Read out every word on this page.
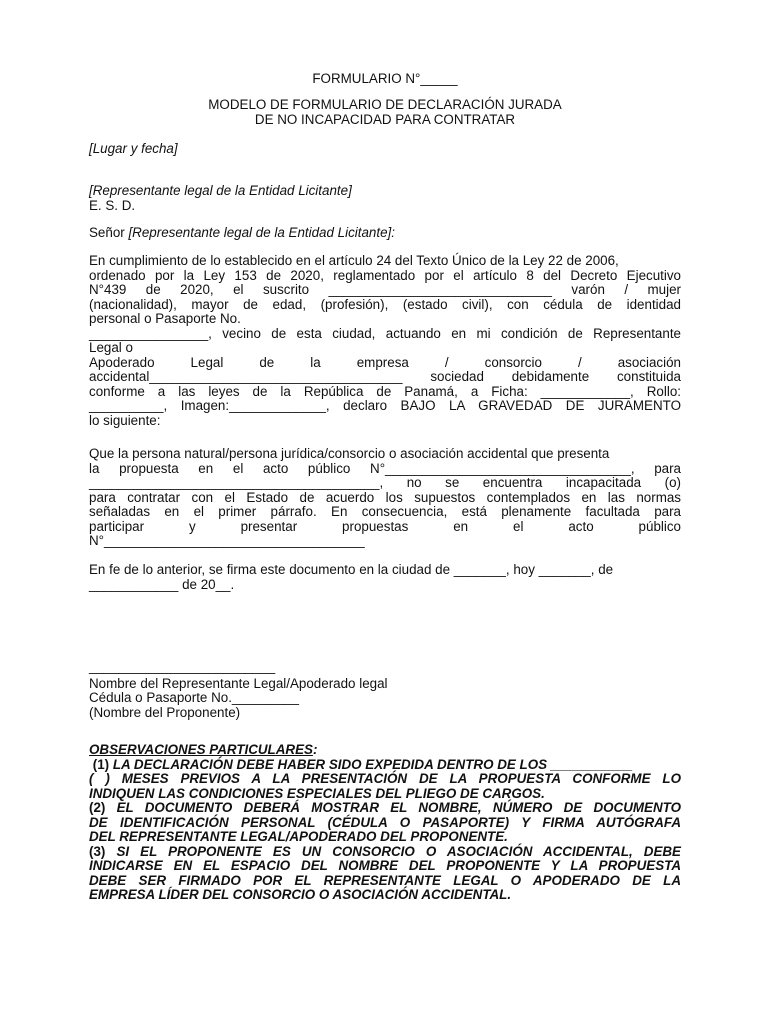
FORMULARIO N°_____
MODELO DE FORMULARIO DE DECLARACIÓN JURADA
DE NO INCAPACIDAD PARA CONTRATAR
[Lugar y fecha]
[Representante legal de la Entidad Licitante]
E. S. D.
Señor [Representante legal de la Entidad Licitante]:
En cumplimiento de lo establecido en el artículo 24 del Texto Único de la Ley 22 de 2006,
ordenado por la Ley 153 de 2020, reglamentado por el artículo 8 del Decreto Ejecutivo
N°439 de 2020, el suscrito ______________________________ varón / mujer
(nacionalidad), mayor de edad, (profesión), (estado civil), con cédula de identidad
personal o Pasaporte No.
________________, vecino de esta ciudad, actuando en mi condición de Representante
Legal o
Apoderado Legal de la empresa / consorcio / asociación
accidental__________________________________ sociedad debidamente constituida
conforme a las leyes de la República de Panamá, a Ficha: ____________, Rollo:
__________, Imagen:_____________, declaro BAJO LA GRAVEDAD DE JURAMENTO
lo siguiente:
Que la persona natural/persona jurídica/consorcio o asociación accidental que presenta
la propuesta en el acto público N°_________________________________, para
_______________________________________, no se encuentra incapacitada (o)
para contratar con el Estado de acuerdo los supuestos contemplados en las normas
señaladas en el primer párrafo. En consecuencia, está plenamente facultada para
participar y presentar propuestas en el acto público
N°___________________________________
En fe de lo anterior, se firma este documento en la ciudad de _______, hoy _______, de
____________ de 20__.
_________________________
Nombre del Representante Legal/Apoderado legal
Cédula o Pasaporte No._________
(Nombre del Proponente)
OBSERVACIONES PARTICULARES:
(1) LA DECLARACIÓN DEBE HABER SIDO EXPEDIDA DENTRO DE LOS ___________
( ) MESES PREVIOS A LA PRESENTACIÓN DE LA PROPUESTA CONFORME LO
INDIQUEN LAS CONDICIONES ESPECIALES DEL PLIEGO DE CARGOS.
(2) EL DOCUMENTO DEBERÁ MOSTRAR EL NOMBRE, NÚMERO DE DOCUMENTO
DE IDENTIFICACIÓN PERSONAL (CÉDULA O PASAPORTE) Y FIRMA AUTÓGRAFA
DEL REPRESENTANTE LEGAL/APODERADO DEL PROPONENTE.
(3) SI EL PROPONENTE ES UN CONSORCIO O ASOCIACIÓN ACCIDENTAL, DEBE
INDICARSE EN EL ESPACIO DEL NOMBRE DEL PROPONENTE Y LA PROPUESTA
DEBE SER FIRMADO POR EL REPRESENTANTE LEGAL O APODERADO DE LA
EMPRESA LÍDER DEL CONSORCIO O ASOCIACIÓN ACCIDENTAL.
